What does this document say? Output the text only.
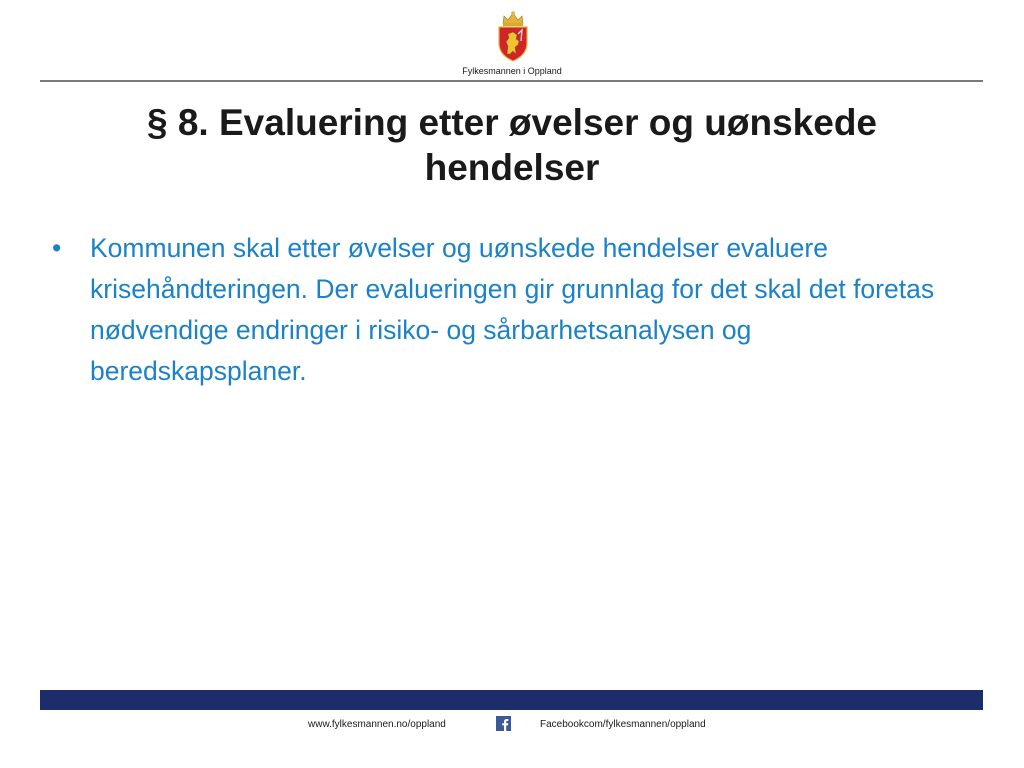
Fylkesmannen i Oppland
§ 8. Evaluering etter øvelser og uønskede hendelser
• Kommunen skal etter øvelser og uønskede hendelser evaluere krisehåndteringen. Der evalueringen gir grunnlag for det skal det foretas nødvendige endringer i risiko- og sårbarhetsanalysen og beredskapsplaner.
www.fylkesmannen.no/oppland	Facebookcom/fylkesmannen/oppland
